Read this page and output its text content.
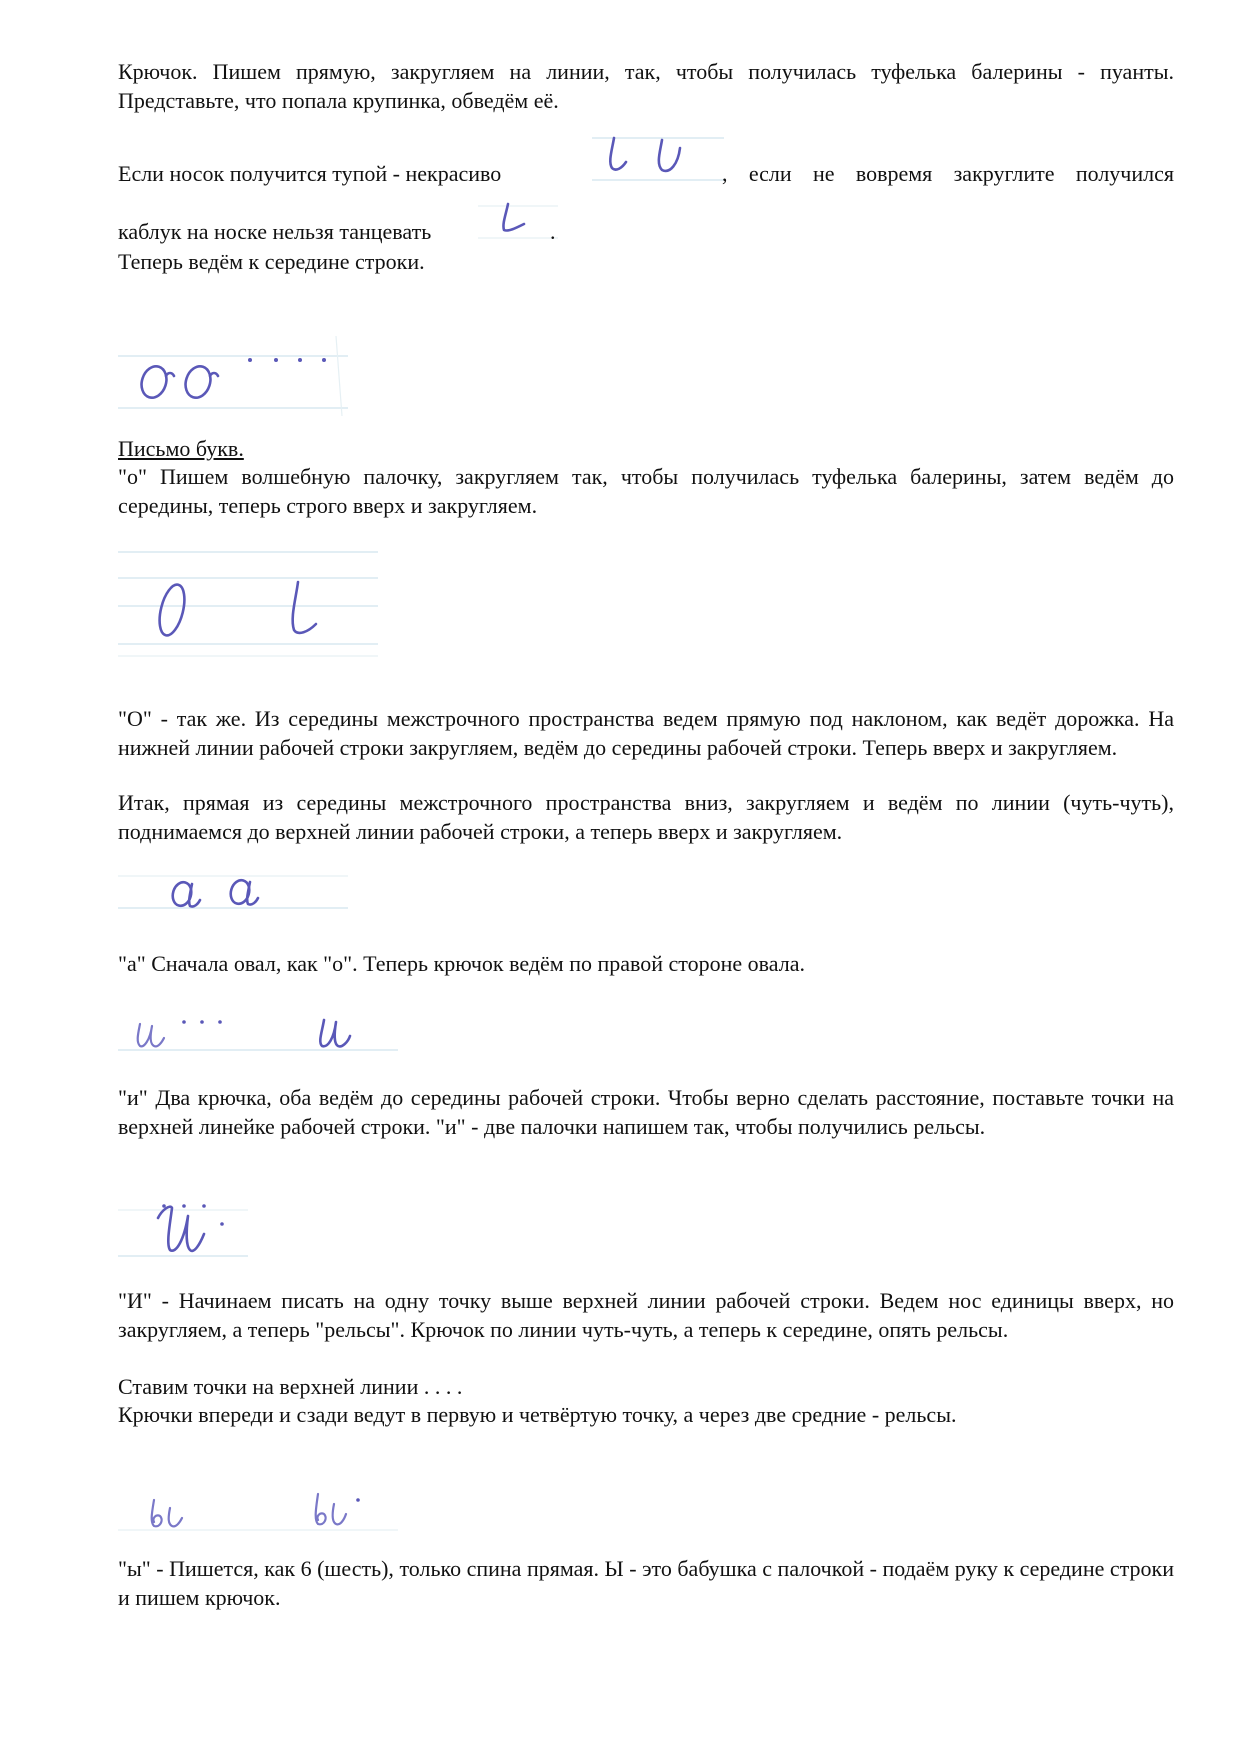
Крючок. Пишем прямую, закругляем на линии, так, чтобы получилась туфелька балерины - пуанты. Представьте, что попала крупинка, обведём её.

Если носок получится тупой - некрасиво	, если не вовремя закруглите получился

каблук на носке нельзя танцевать	.

Теперь ведём к середине строки.

Письмо букв.

"о" Пишем волшебную палочку, закругляем так, чтобы получилась туфелька балерины, затем ведём до середины, теперь строго вверх и закругляем.

"О" - так же. Из середины межстрочного пространства ведем прямую под наклоном, как ведёт дорожка. На нижней линии рабочей строки закругляем, ведём до середины рабочей строки. Теперь вверх и закругляем.

Итак, прямая из середины межстрочного пространства вниз, закругляем и ведём по линии (чуть-чуть), поднимаемся до верхней линии рабочей строки, а теперь вверх и закругляем.

"а" Сначала овал, как "о". Теперь крючок ведём по правой стороне овала.

"и" Два крючка, оба ведём до середины рабочей строки. Чтобы верно сделать расстояние, поставьте точки на верхней линейке рабочей строки. "и" - две палочки напишем так, чтобы получились рельсы.

"И" - Начинаем писать на одну точку выше верхней линии рабочей строки. Ведем нос единицы вверх, но закругляем, а теперь "рельсы". Крючок по линии чуть-чуть, а теперь к середине, опять рельсы.

Ставим точки на верхней линии . . . .

Крючки впереди и сзади ведут в первую и четвёртую точку, а через две средние - рельсы.

"ы" - Пишется, как 6 (шесть), только спина прямая. Ы - это бабушка с палочкой - подаём руку к середине строки и пишем крючок.
